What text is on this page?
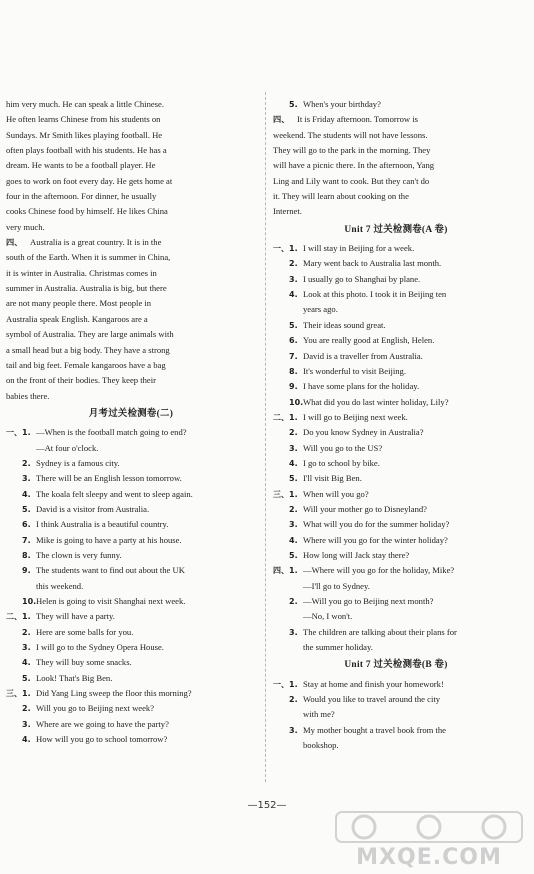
him very much. He can speak a little Chinese.

He often learns Chinese from his students on

Sundays. Mr Smith likes playing football. He

often plays football with his students. He has a

dream. He wants to be a football player. He

goes to work on foot every day. He gets home at

four in the afternoon. For dinner, he usually

cooks Chinese food by himself. He likes China

very much.

四、 Australia is a great country. It is in the

south of the Earth. When it is summer in China,

it is winter in Australia. Christmas comes in

summer in Australia. Australia is big, but there

are not many people there. Most people in

Australia speak English. Kangaroos are a

symbol of Australia. They are large animals with

a small head but a big body. They have a strong

tail and big feet. Female kangaroos have a bag

on the front of their bodies. They keep their

babies there.

月考过关检测卷(二)
一、 1. —When is the football match going to end?
—At four o'clock.
2. Sydney is a famous city.
3. There will be an English lesson tomorrow.
4. The koala felt sleepy and went to sleep again.
5. David is a visitor from Australia.
6. I think Australia is a beautiful country.
7. Mike is going to have a party at his house.
8. The clown is very funny.
9. The students want to find out about the UK
this weekend.
10. Helen is going to visit Shanghai next week.
二、 1. They will have a party.
2. Here are some balls for you.
3. I will go to the Sydney Opera House.
4. They will buy some snacks.
5. Look! That's Big Ben.
三、 1. Did Yang Ling sweep the floor this morning?
2. Will you go to Beijing next week?
3. Where are we going to have the party?
4. How will you go to school tomorrow?
5. When's your birthday?

四、 It is Friday afternoon. Tomorrow is

weekend. The students will not have lessons.

They will go to the park in the morning. They

will have a picnic there. In the afternoon, Yang

Ling and Lily want to cook. But they can't do

it. They will learn about cooking on the

Internet.

Unit 7 过关检测卷(A 卷)
一、 1. I will stay in Beijing for a week.
2. Mary went back to Australia last month.
3. I usually go to Shanghai by plane.
4. Look at this photo. I took it in Beijing ten
years ago.
5. Their ideas sound great.
6. You are really good at English, Helen.
7. David is a traveller from Australia.
8. It's wonderful to visit Beijing.
9. I have some plans for the holiday.
10. What did you do last winter holiday, Lily?
二、 1. I will go to Beijing next week.
2. Do you know Sydney in Australia?
3. Will you go to the US?
4. I go to school by bike.
5. I'll visit Big Ben.
三、 1. When will you go?
2. Will your mother go to Disneyland?
3. What will you do for the summer holiday?
4. Where will you go for the winter holiday?
5. How long will Jack stay there?
四、 1. —Where will you go for the holiday, Mike?
—I'll go to Sydney.
2. —Will you go to Beijing next month?
—No, I won't.
3. The children are talking about their plans for
the summer holiday.
Unit 7 过关检测卷(B 卷)
一、 1. Stay at home and finish your homework!
2. Would you like to travel around the city
with me?
3. My mother bought a travel book from the
bookshop.
—152—
MXQE.COM
